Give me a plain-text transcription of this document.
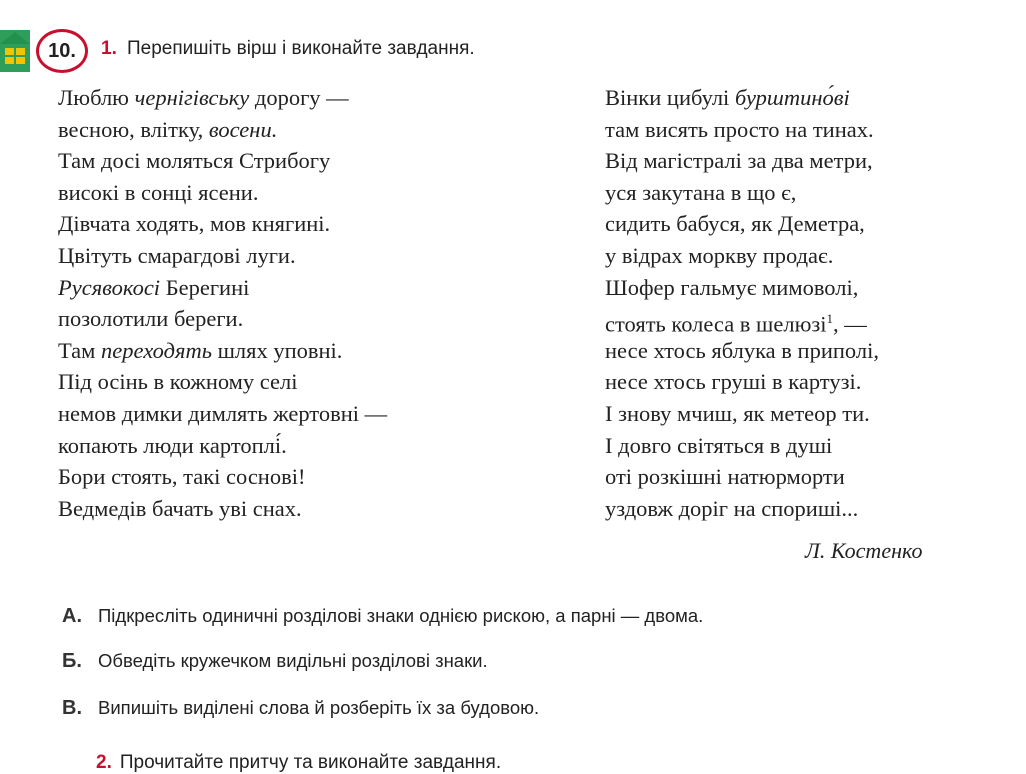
10. 1. Перепишіть вірш і виконайте завдання.
Люблю чернігівську дорогу —
весною, влітку, восени.
Там досі моляться Стрибогу
високі в сонці ясени.
Дівчата ходять, мов княгині.
Цвітуть смарагдові луги.
Русявокосі Берегині
позолотили береги.
Там переходять шлях уповні.
Під осінь в кожному селі
немов димки димлять жертовні —
копають люди картоплі́.
Бори стоять, такі соснові!
Ведмедів бачать уві снах.
Вінки цибулі бурштино́ві
там висять просто на тинах.
Від магістралі за два метри,
уся закутана в що є,
сидить бабуся, як Деметра,
у відрах моркву продає.
Шофер гальмує мимоволі,
стоять колеса в шелюзі$^1$, —
несе хтось яблука в приполі,
несе хтось груші в картузі.
І знову мчиш, як метеор ти.
І довго світяться в душі
оті розкішні натюрморти
уздовж доріг на спориші...
Л. Костенко
А. Підкресліть одиничні розділові знаки однією рискою, а парні — двома.
Б. Обведіть кружечком видільні розділові знаки.
В. Випишіть виділені слова й розберіть їх за будовою.
2. Прочитайте притчу та виконайте завдання.
